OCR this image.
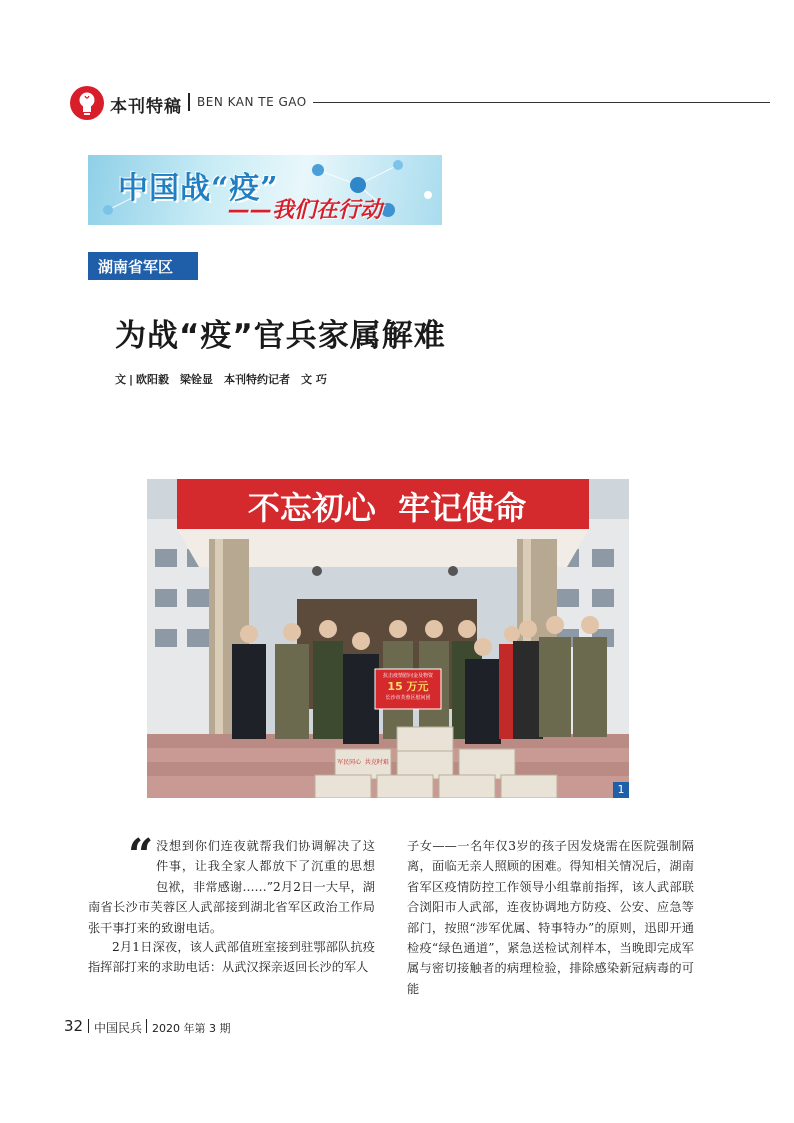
本刊特稿 BEN KAN TE GAO
中国战“疫”
——我们在行动
湖南省军区
为战“疫”官兵家属解难
文 | 欧阳毅　梁铨显　本刊特约记者　文 巧
不忘初心  牢记使命
抗击疫情慰问金及物资
15 万元
长沙市芙蓉区慰问团
军民同心  共克时艰
1
“ 没想到你们连夜就帮我们协调解决了这件事，让我全家人都放下了沉重的思想包袱，非常感谢……”2月2日一大早，湖南省长沙市芙蓉区人武部接到湖北省军区政治工作局张干事打来的致谢电话。
2月1日深夜，该人武部值班室接到驻鄂部队抗疫指挥部打来的求助电话：从武汉探亲返回长沙的军人
子女——一名年仅3岁的孩子因发烧需在医院强制隔离，面临无亲人照顾的困难。得知相关情况后，湖南省军区疫情防控工作领导小组靠前指挥，该人武部联合浏阳市人武部，连夜协调地方防疫、公安、应急等部门，按照“涉军优属、特事特办”的原则，迅即开通检疫“绿色通道”，紧急送检试剂样本，当晚即完成军属与密切接触者的病理检验，排除感染新冠病毒的可能
32 中国民兵 2020 年第 3 期
